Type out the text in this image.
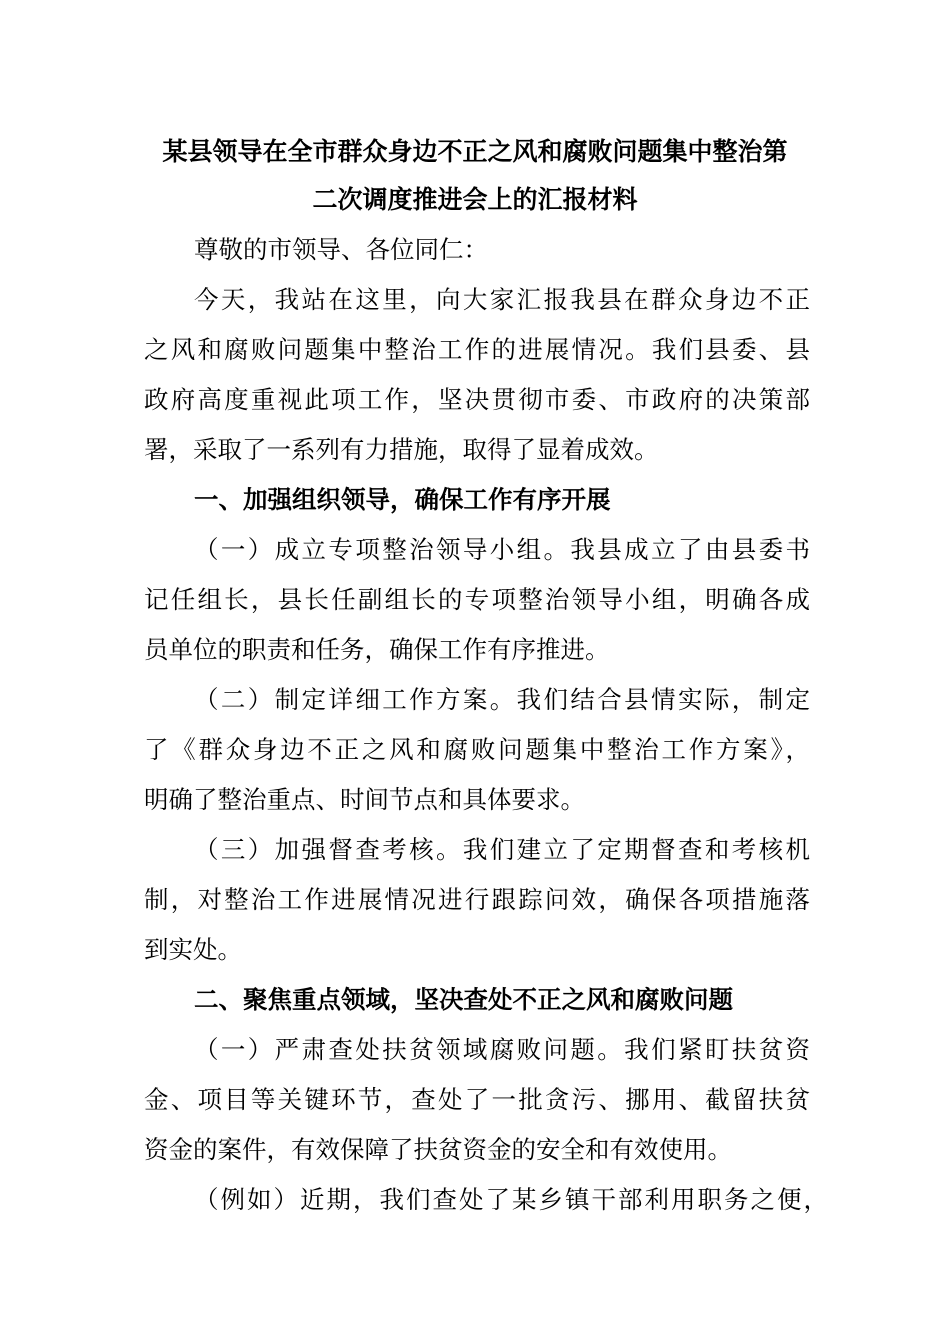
某县领导在全市群众身边不正之风和腐败问题集中整治第
二次调度推进会上的汇报材料
尊敬的市领导、各位同仁：
今天，我站在这里，向大家汇报我县在群众身边不正
之风和腐败问题集中整治工作的进展情况。我们县委、县
政府高度重视此项工作，坚决贯彻市委、市政府的决策部
署，采取了一系列有力措施，取得了显着成效。
一、加强组织领导，确保工作有序开展
（一）成立专项整治领导小组。我县成立了由县委书
记任组长，县长任副组长的专项整治领导小组，明确各成
员单位的职责和任务，确保工作有序推进。
（二）制定详细工作方案。我们结合县情实际，制定
了《群众身边不正之风和腐败问题集中整治工作方案》，
明确了整治重点、时间节点和具体要求。
（三）加强督查考核。我们建立了定期督查和考核机
制，对整治工作进展情况进行跟踪问效，确保各项措施落
到实处。
二、聚焦重点领域，坚决查处不正之风和腐败问题
（一）严肃查处扶贫领域腐败问题。我们紧盯扶贫资
金、项目等关键环节，查处了一批贪污、挪用、截留扶贫
资金的案件，有效保障了扶贫资金的安全和有效使用。
（例如）近期，我们查处了某乡镇干部利用职务之便，
